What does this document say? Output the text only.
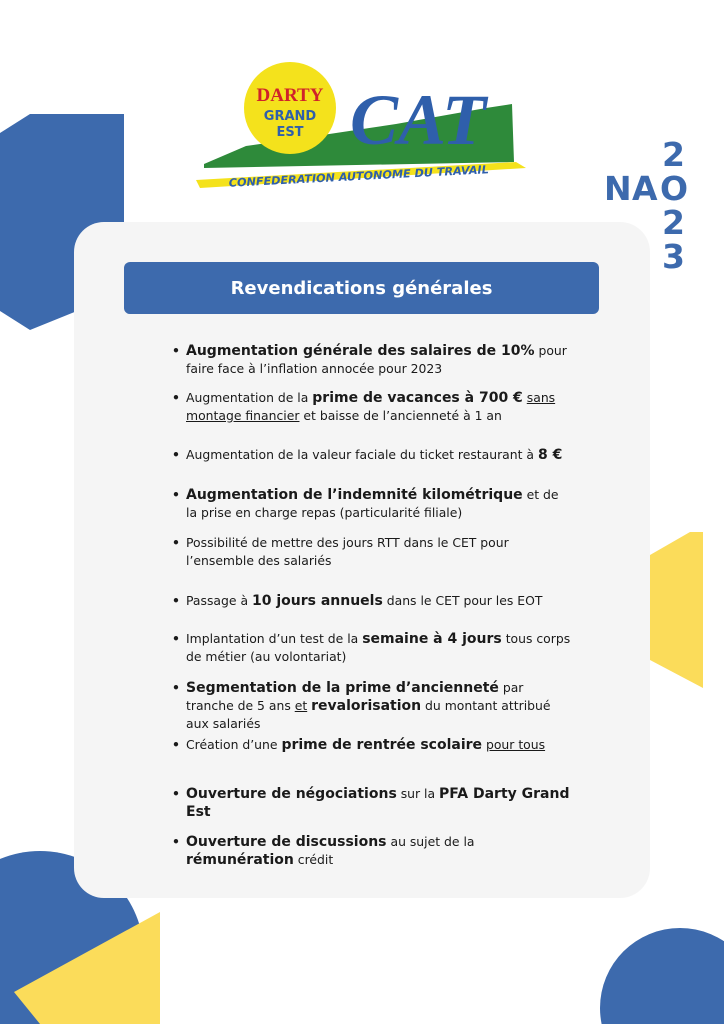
DARTY
GRAND
EST CAT
CONFEDERATION AUTONOME DU TRAVAIL
2
N A O
2
3
Revendications générales
• Augmentation générale des salaires de 10% pour faire face à l’inflation annocée pour 2023
• Augmentation de la prime de vacances à 700 € sans montage financier et baisse de l’ancienneté à 1 an
• Augmentation de la valeur faciale du ticket restaurant à 8 €
• Augmentation de l’indemnité kilométrique et de la prise en charge repas (particularité filiale)
• Possibilité de mettre des jours RTT dans le CET pour l’ensemble des salariés
• Passage à 10 jours annuels dans le CET pour les EOT
• Implantation d’un test de la semaine à 4 jours tous corps de métier (au volontariat)
• Segmentation de la prime d’ancienneté par tranche de 5 ans et revalorisation du montant attribué aux salariés
• Création d’une prime de rentrée scolaire pour tous
• Ouverture de négociations sur la PFA Darty Grand Est
• Ouverture de discussions au sujet de la rémunération crédit
